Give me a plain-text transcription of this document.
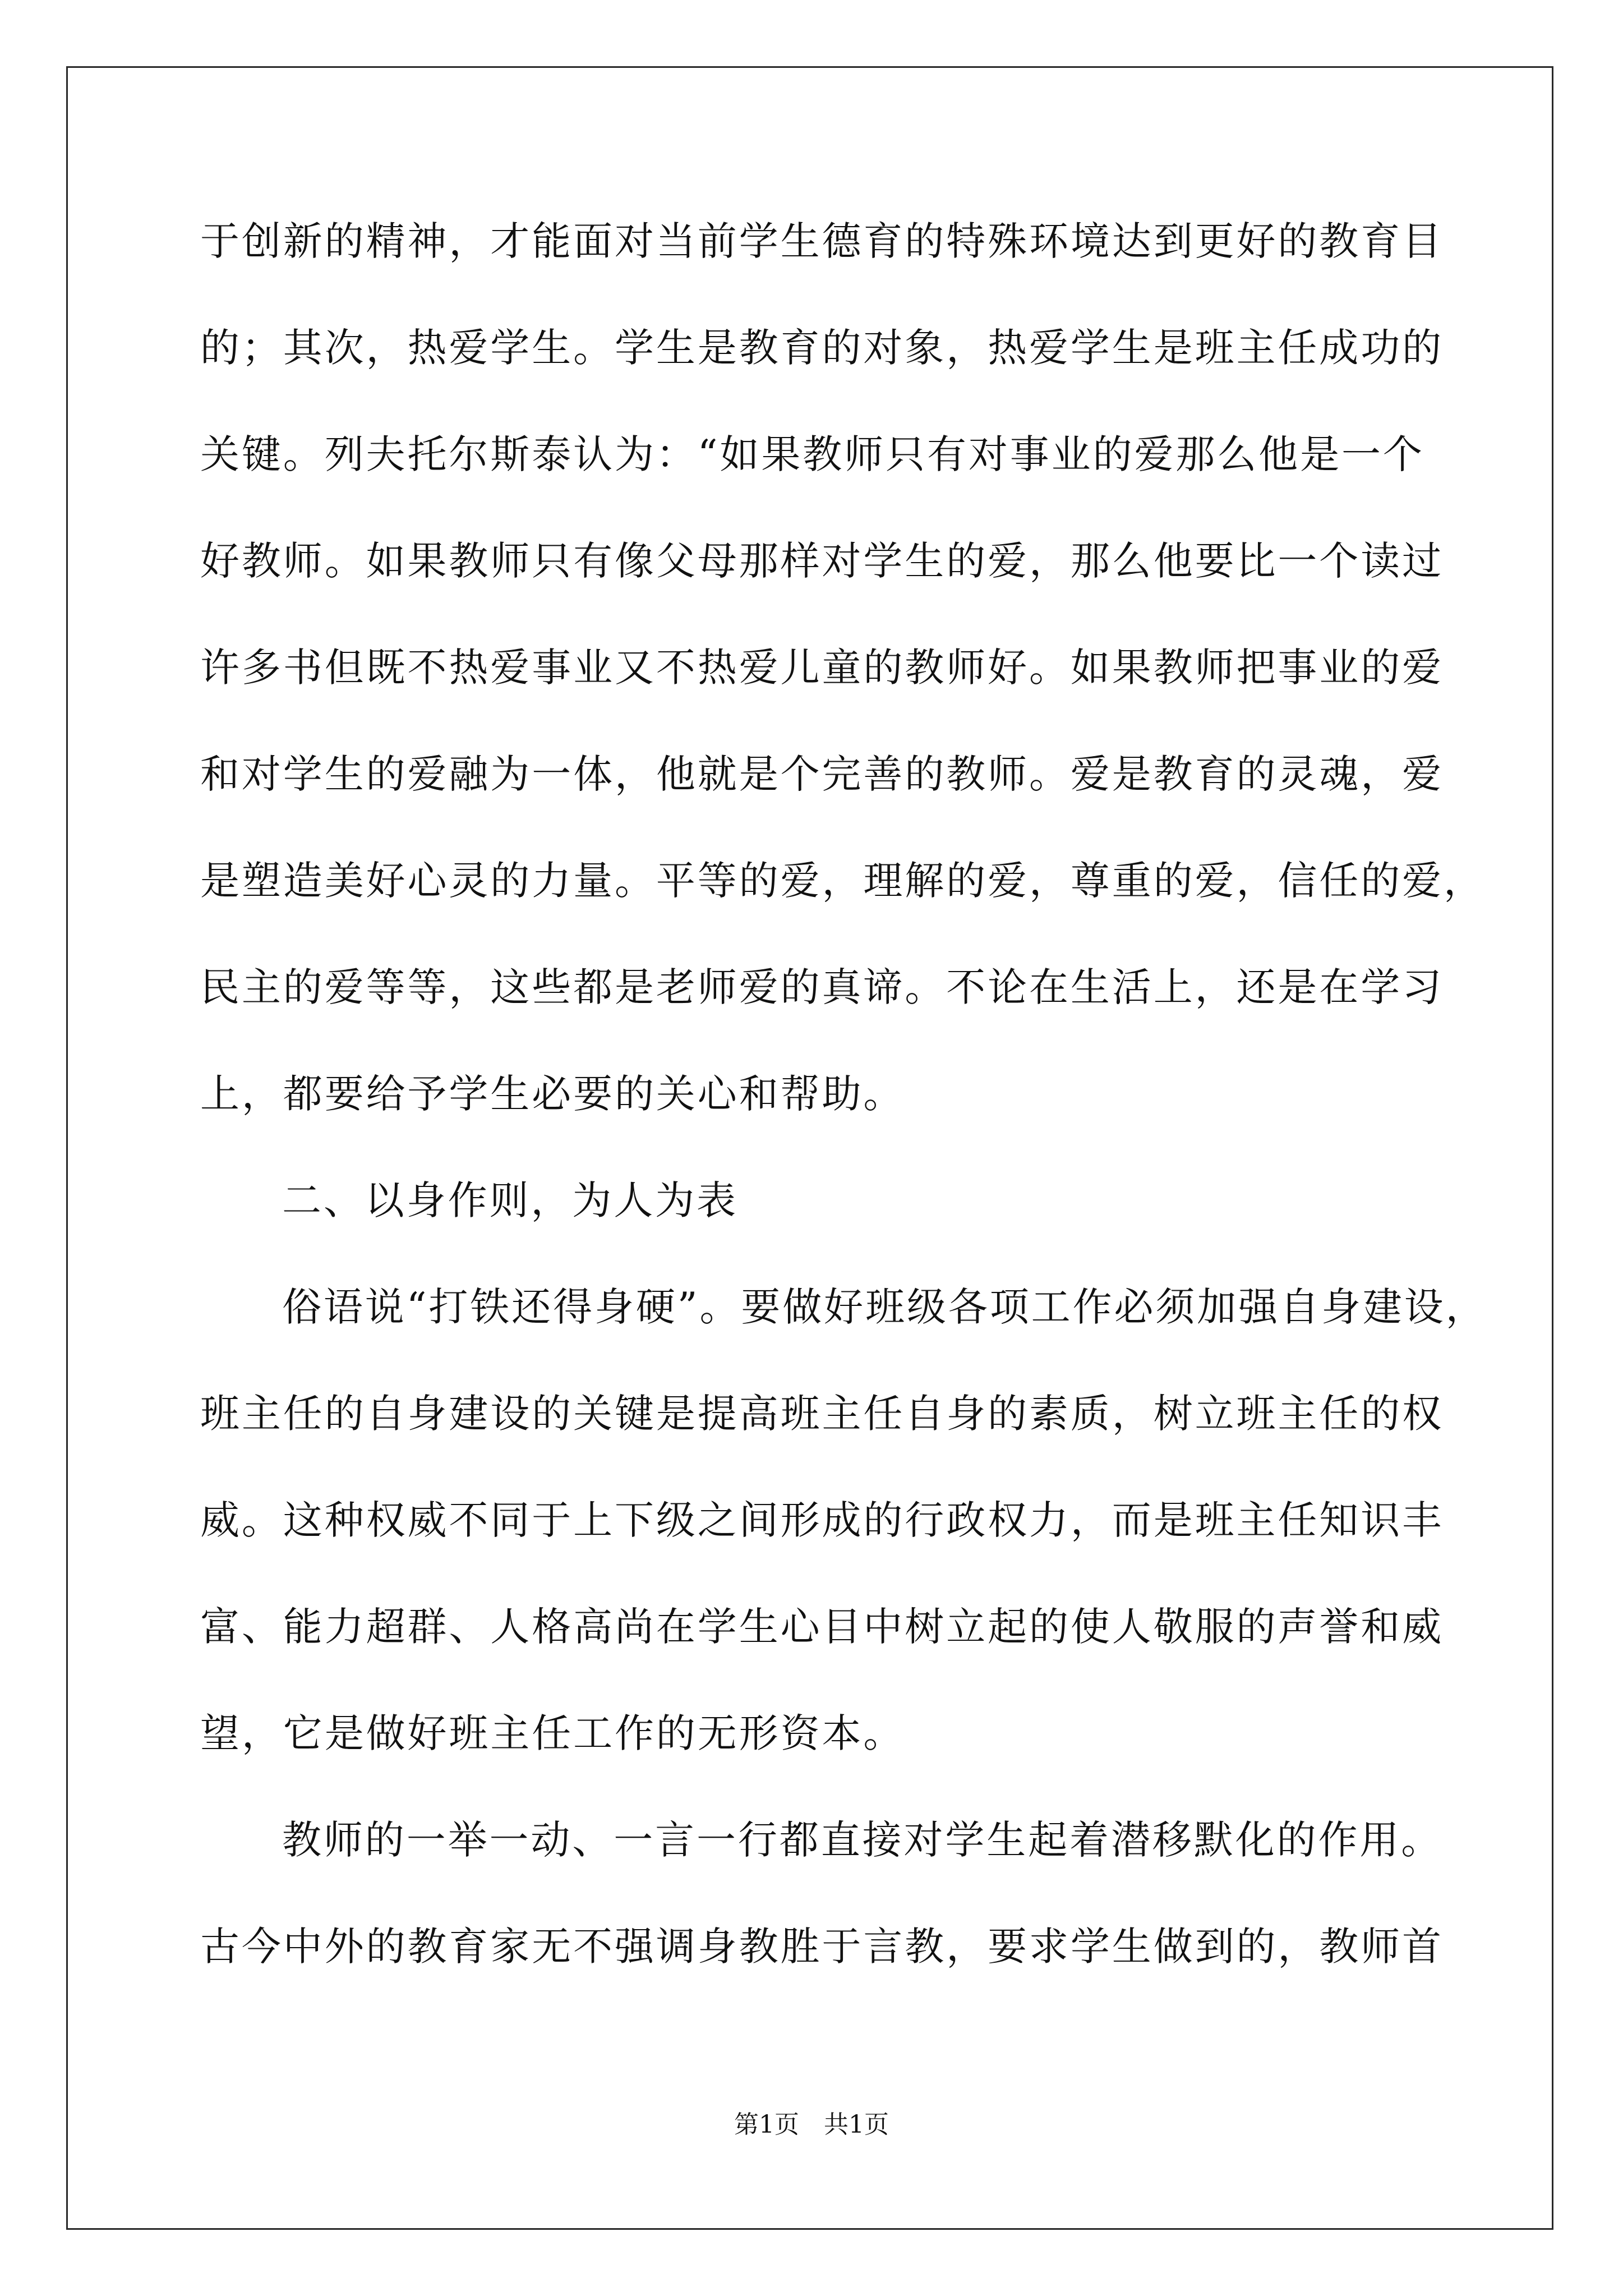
于创新的精神，才能面对当前学生德育的特殊环境达到更好的教育目
的；其次，热爱学生。学生是教育的对象，热爱学生是班主任成功的
关键。列夫托尔斯泰认为：“如果教师只有对事业的爱那么他是一个
好教师。如果教师只有像父母那样对学生的爱，那么他要比一个读过
许多书但既不热爱事业又不热爱儿童的教师好。如果教师把事业的爱
和对学生的爱融为一体，他就是个完善的教师。爱是教育的灵魂，爱
是塑造美好心灵的力量。平等的爱，理解的爱，尊重的爱，信任的爱，
民主的爱等等，这些都是老师爱的真谛。不论在生活上，还是在学习
上，都要给予学生必要的关心和帮助。
二、以身作则，为人为表
俗语说“打铁还得身硬”。要做好班级各项工作必须加强自身建设，
班主任的自身建设的关键是提高班主任自身的素质，树立班主任的权
威。这种权威不同于上下级之间形成的行政权力，而是班主任知识丰
富、能力超群、人格高尚在学生心目中树立起的使人敬服的声誉和威
望，它是做好班主任工作的无形资本。
教师的一举一动、一言一行都直接对学生起着潜移默化的作用。
古今中外的教育家无不强调身教胜于言教，要求学生做到的，教师首
第1页　共1页
